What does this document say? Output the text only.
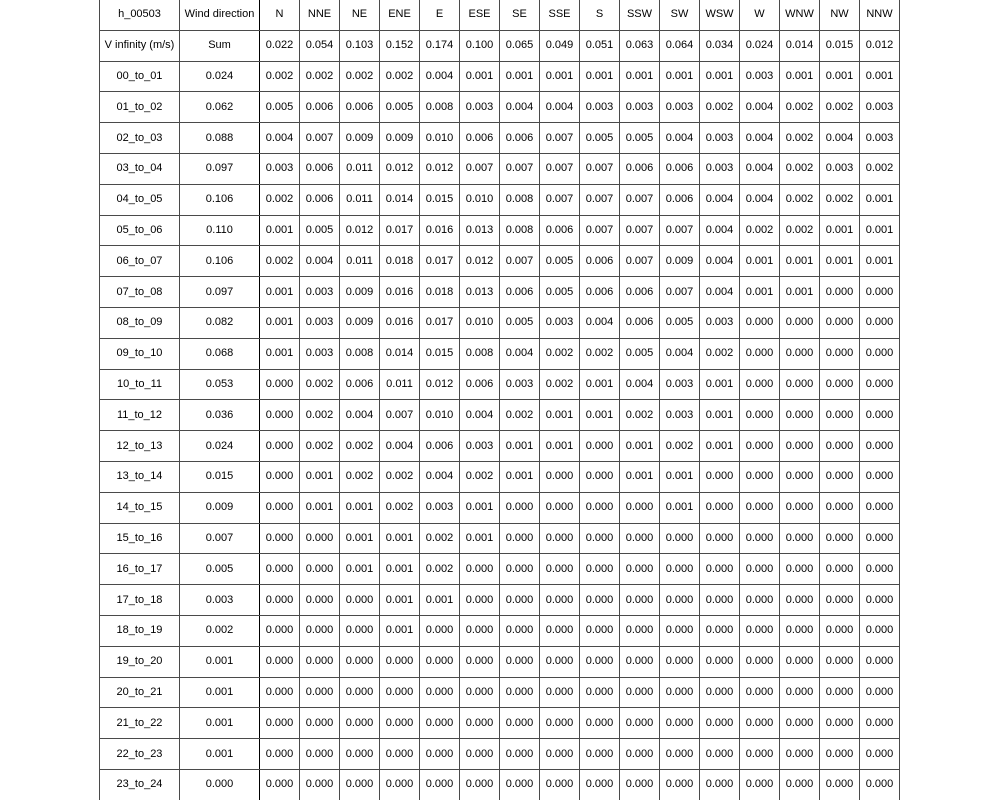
h_00503	Wind direction	N	NNE	NE	ENE	E	ESE	SE	SSE	S	SSW	SW	WSW	W	WNW	NW	NNW
V infinity (m/s)	Sum	0.022	0.054	0.103	0.152	0.174	0.100	0.065	0.049	0.051	0.063	0.064	0.034	0.024	0.014	0.015	0.012
00_to_01	0.024	0.002	0.002	0.002	0.002	0.004	0.001	0.001	0.001	0.001	0.001	0.001	0.001	0.003	0.001	0.001	0.001
01_to_02	0.062	0.005	0.006	0.006	0.005	0.008	0.003	0.004	0.004	0.003	0.003	0.003	0.002	0.004	0.002	0.002	0.003
02_to_03	0.088	0.004	0.007	0.009	0.009	0.010	0.006	0.006	0.007	0.005	0.005	0.004	0.003	0.004	0.002	0.004	0.003
03_to_04	0.097	0.003	0.006	0.011	0.012	0.012	0.007	0.007	0.007	0.007	0.006	0.006	0.003	0.004	0.002	0.003	0.002
04_to_05	0.106	0.002	0.006	0.011	0.014	0.015	0.010	0.008	0.007	0.007	0.007	0.006	0.004	0.004	0.002	0.002	0.001
05_to_06	0.110	0.001	0.005	0.012	0.017	0.016	0.013	0.008	0.006	0.007	0.007	0.007	0.004	0.002	0.002	0.001	0.001
06_to_07	0.106	0.002	0.004	0.011	0.018	0.017	0.012	0.007	0.005	0.006	0.007	0.009	0.004	0.001	0.001	0.001	0.001
07_to_08	0.097	0.001	0.003	0.009	0.016	0.018	0.013	0.006	0.005	0.006	0.006	0.007	0.004	0.001	0.001	0.000	0.000
08_to_09	0.082	0.001	0.003	0.009	0.016	0.017	0.010	0.005	0.003	0.004	0.006	0.005	0.003	0.000	0.000	0.000	0.000
09_to_10	0.068	0.001	0.003	0.008	0.014	0.015	0.008	0.004	0.002	0.002	0.005	0.004	0.002	0.000	0.000	0.000	0.000
10_to_11	0.053	0.000	0.002	0.006	0.011	0.012	0.006	0.003	0.002	0.001	0.004	0.003	0.001	0.000	0.000	0.000	0.000
11_to_12	0.036	0.000	0.002	0.004	0.007	0.010	0.004	0.002	0.001	0.001	0.002	0.003	0.001	0.000	0.000	0.000	0.000
12_to_13	0.024	0.000	0.002	0.002	0.004	0.006	0.003	0.001	0.001	0.000	0.001	0.002	0.001	0.000	0.000	0.000	0.000
13_to_14	0.015	0.000	0.001	0.002	0.002	0.004	0.002	0.001	0.000	0.000	0.001	0.001	0.000	0.000	0.000	0.000	0.000
14_to_15	0.009	0.000	0.001	0.001	0.002	0.003	0.001	0.000	0.000	0.000	0.000	0.001	0.000	0.000	0.000	0.000	0.000
15_to_16	0.007	0.000	0.000	0.001	0.001	0.002	0.001	0.000	0.000	0.000	0.000	0.000	0.000	0.000	0.000	0.000	0.000
16_to_17	0.005	0.000	0.000	0.001	0.001	0.002	0.000	0.000	0.000	0.000	0.000	0.000	0.000	0.000	0.000	0.000	0.000
17_to_18	0.003	0.000	0.000	0.000	0.001	0.001	0.000	0.000	0.000	0.000	0.000	0.000	0.000	0.000	0.000	0.000	0.000
18_to_19	0.002	0.000	0.000	0.000	0.001	0.000	0.000	0.000	0.000	0.000	0.000	0.000	0.000	0.000	0.000	0.000	0.000
19_to_20	0.001	0.000	0.000	0.000	0.000	0.000	0.000	0.000	0.000	0.000	0.000	0.000	0.000	0.000	0.000	0.000	0.000
20_to_21	0.001	0.000	0.000	0.000	0.000	0.000	0.000	0.000	0.000	0.000	0.000	0.000	0.000	0.000	0.000	0.000	0.000
21_to_22	0.001	0.000	0.000	0.000	0.000	0.000	0.000	0.000	0.000	0.000	0.000	0.000	0.000	0.000	0.000	0.000	0.000
22_to_23	0.001	0.000	0.000	0.000	0.000	0.000	0.000	0.000	0.000	0.000	0.000	0.000	0.000	0.000	0.000	0.000	0.000
23_to_24	0.000	0.000	0.000	0.000	0.000	0.000	0.000	0.000	0.000	0.000	0.000	0.000	0.000	0.000	0.000	0.000	0.000
